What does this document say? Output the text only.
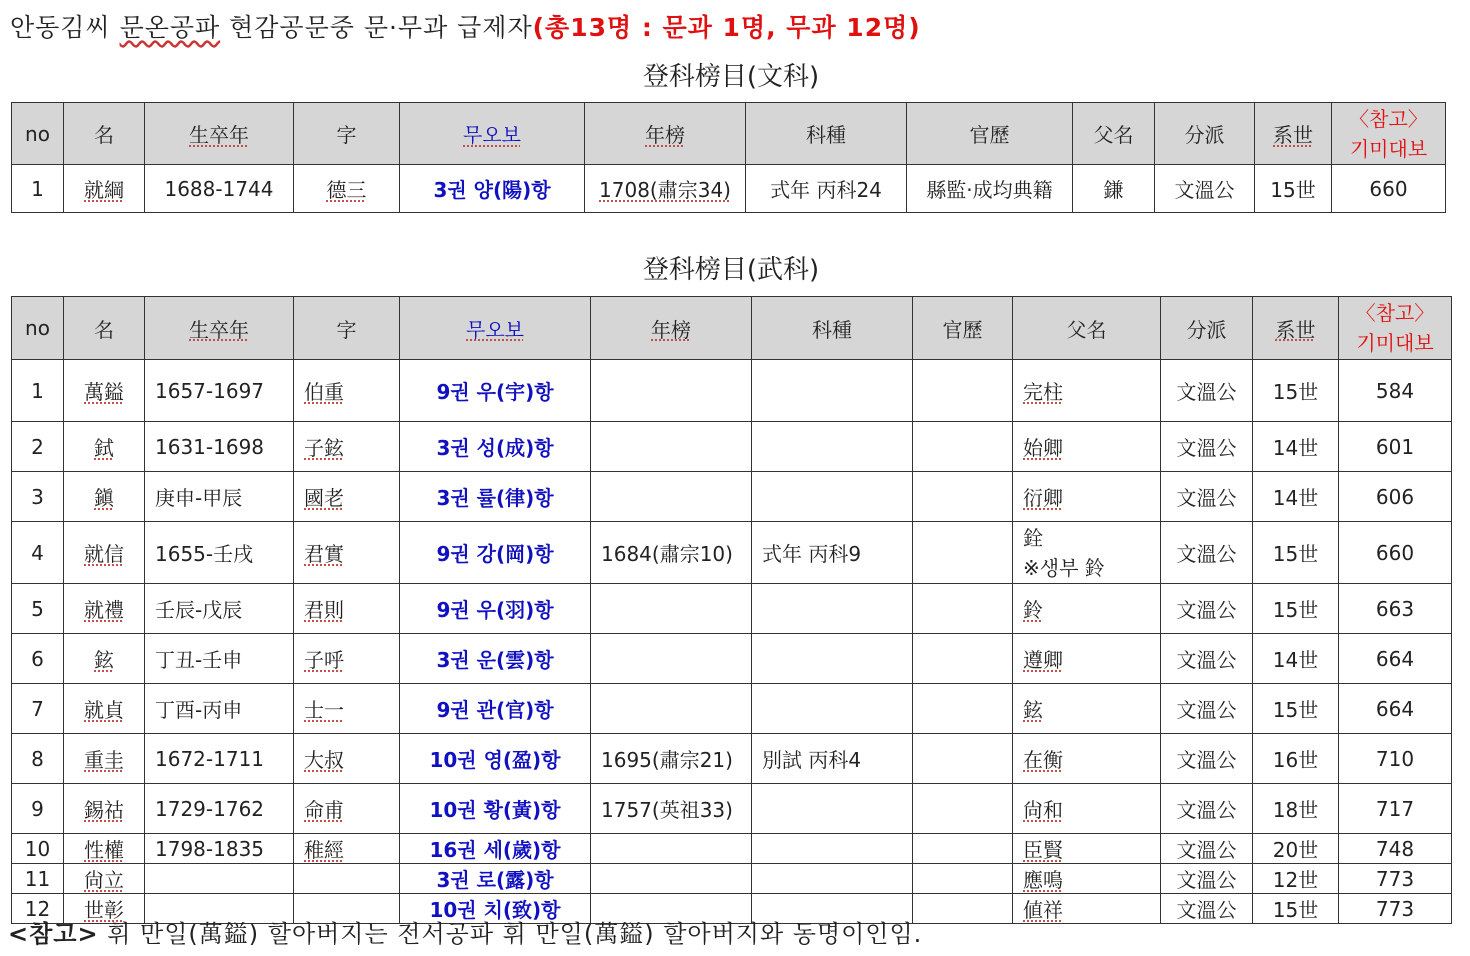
안동김씨 문온공파 현감공문중 문·무과 급제자(총13명 : 문과 1명, 무과 12명)
登科榜目(文科)
no	名	生卒年	字	무오보	年榜	科種	官歷	父名	分派	系世	〈참고〉
기미대보

1	就綱	1688-1744	德三	3권 양(陽)항	1708(肅宗34)	式年 丙科24	縣監·成均典籍	鎌	文溫公	15世	660
登科榜目(武科)
no	名	生卒年	字	무오보	年榜	科種	官歷	父名	分派	系世	〈참고〉
기미대보

1	萬鎰	1657-1697	伯重	9권 우(宇)항				完柱	文溫公	15世	584
2	鉽	1631-1698	子鉉	3권 성(成)항				始卿	文溫公	14世	601
3	鎭	庚申-甲辰	國老	3권 률(律)항				衍卿	文溫公	14世	606
4	就信	1655-壬戌	君實	9권 강(岡)항	1684(肅宗10)	式年 丙科9		銓
※생부 鈴	文溫公	15世	660
5	就禮	壬辰-戊辰	君則	9권 우(羽)항				鈴	文溫公	15世	663
6	鉉	丁丑-壬申	子呼	3권 운(雲)항				遵卿	文溫公	14世	664
7	就貞	丁酉-丙申	士一	9권 관(官)항				鉉	文溫公	15世	664
8	重圭	1672-1711	大叔	10권 영(盈)항	1695(肅宗21)	別試 丙科4		在衡	文溫公	16世	710
9	錫祜	1729-1762	命甫	10권 황(黃)항	1757(英祖33)			尙和	文溫公	18世	717
10	性權	1798-1835	稚經	16권 세(歲)항				臣賢	文溫公	20世	748
11	尙立			3권 로(露)항				應鳴	文溫公	12世	773
12	世彰			10권 치(致)항				値祥	文溫公	15世	773
<참고> 휘 만일(萬鎰) 할아버지는 전서공파 휘 만일(萬鎰) 할아버지와 동명이인임.
